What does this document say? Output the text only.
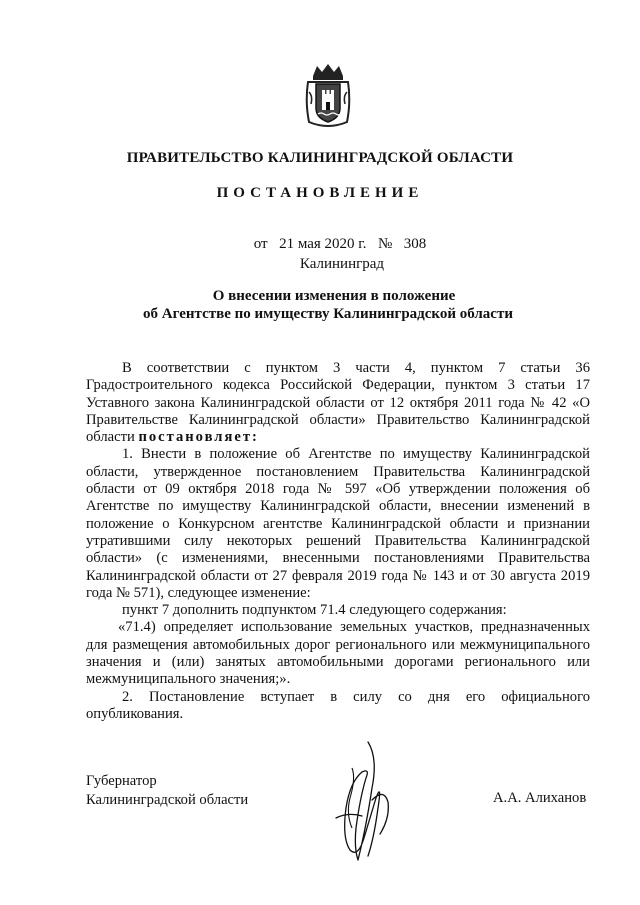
ПРАВИТЕЛЬСТВО КАЛИНИНГРАДСКОЙ ОБЛАСТИ
ПОСТАНОВЛЕНИЕ
от 21 мая 2020 г. № 308
Калининград
О внесении изменения в положение
об Агентстве по имуществу Калининградской области

В соответствии с пунктом 3 части 4, пунктом 7 статьи 36 Градостроительного кодекса Российской Федерации, пунктом 3 статьи 17 Уставного закона Калининградской области от 12 октября 2011 года № 42 «О Правительстве Калининградской области» Правительство Калининградской области постановляет:

1. Внести в положение об Агентстве по имуществу Калининградской области, утвержденное постановлением Правительства Калининградской области от 09 октября 2018 года № 597 «Об утверждении положения об Агентстве по имуществу Калининградской области, внесении изменений в положение о Конкурсном агентстве Калининградской области и признании утратившими силу некоторых решений Правительства Калининградской области» (с изменениями, внесенными постановлениями Правительства Калининградской области от 27 февраля 2019 года № 143 и от 30 августа 2019 года № 571), следующее изменение:

пункт 7 дополнить подпунктом 71.4 следующего содержания:

«71.4) определяет использование земельных участков, предназначенных для размещения автомобильных дорог регионального или межмуниципального значения и (или) занятых автомобильными дорогами регионального или межмуниципального значения;».

2. Постановление вступает в силу со дня его официального опубликования.

Губернатор
Калининградской области	А.А. Алиханов
